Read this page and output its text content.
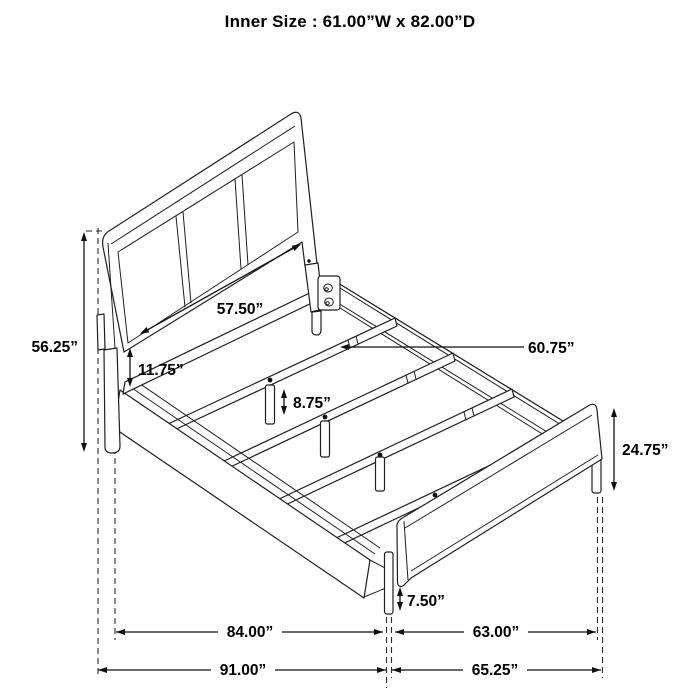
Inner Size : 61.00”W x 82.00”D
56.25”
11.75”
57.50”
8.75”
60.75”
24.75”
7.50”
84.00”	63.00”
91.00”	65.25”
